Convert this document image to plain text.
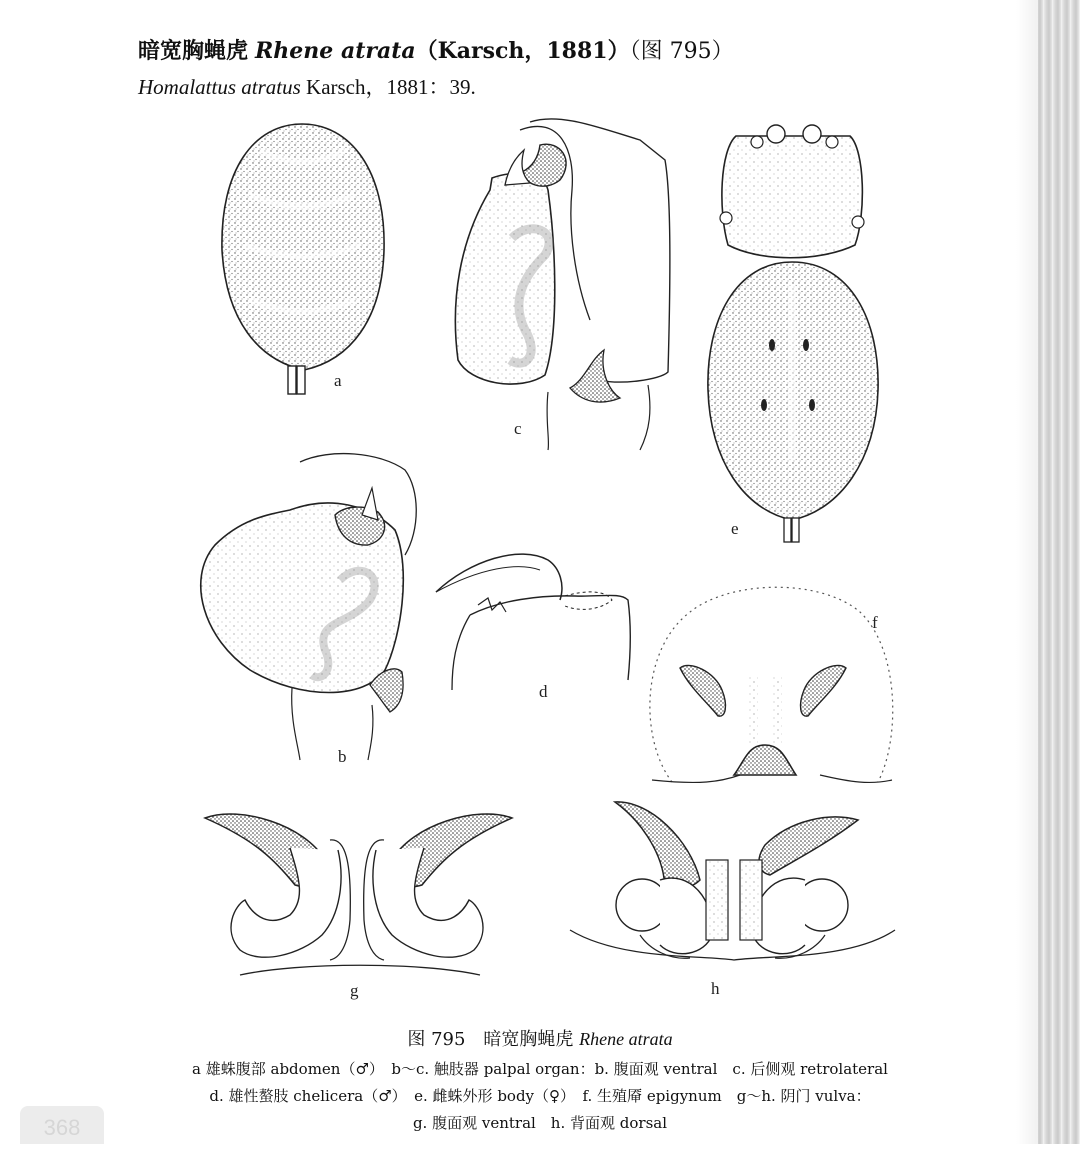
暗宽胸蝇虎 Rhene atrata（Karsch，1881）（图 795）
Homalattus atratus Karsch，1881：39.
a
c
e
b
d
f
g	h
图 795　暗宽胸蝇虎 Rhene atrata
a 雄蛛腹部 abdomen（♂）　b～c. 触肢器 palpal organ：b. 腹面观 ventral　c. 后侧观 retrolateral
d. 雄性螯肢 chelicera（♂）　e. 雌蛛外形 body（♀）　f. 生殖厣 epigynum　g～h. 阴门 vulva：
g. 腹面观 ventral　h. 背面观 dorsal
368
